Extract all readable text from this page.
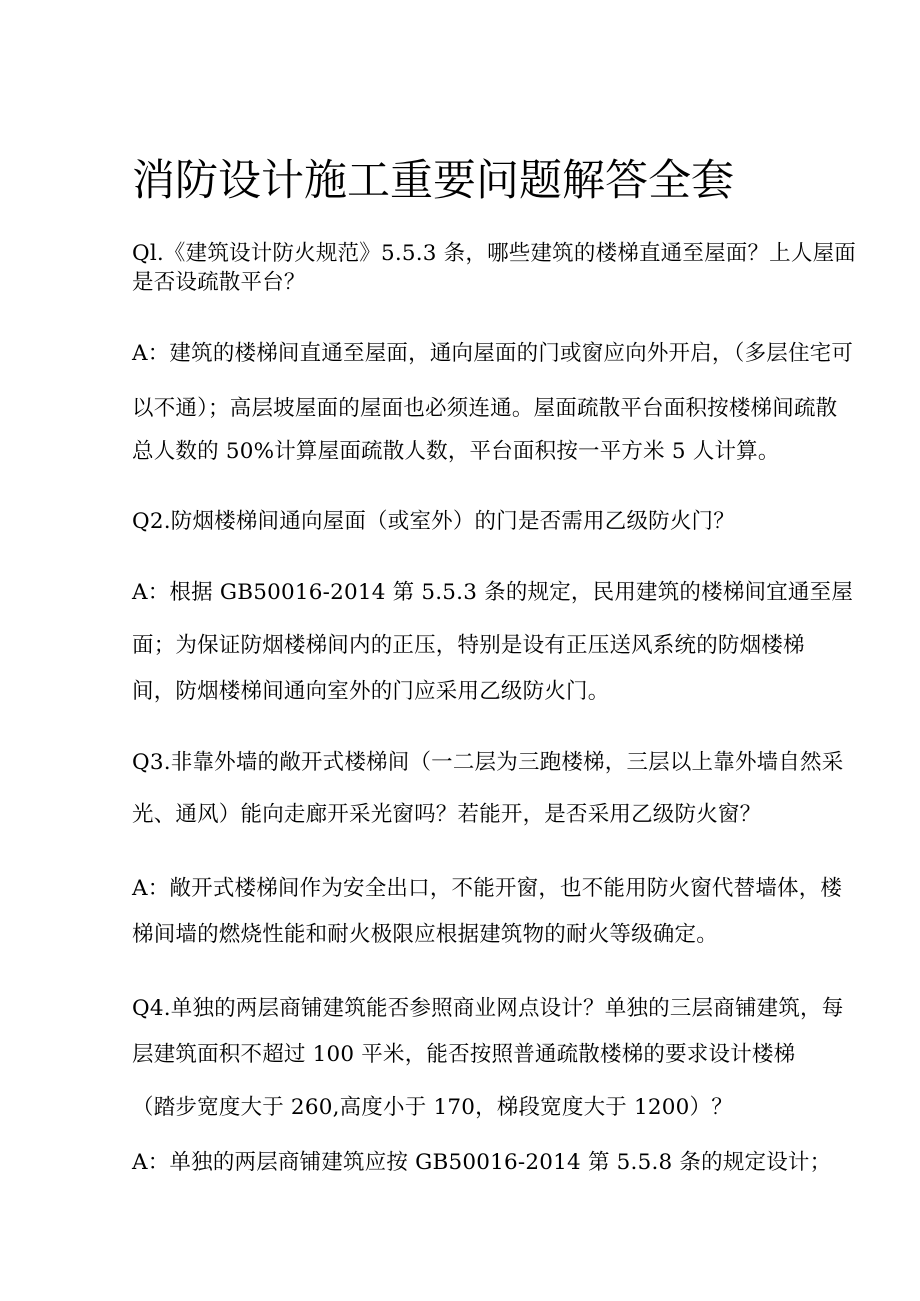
消防设计施工重要问题解答全套
Ql.《建筑设计防火规范》5.5.3 条，哪些建筑的楼梯直通至屋面？上人屋面
是否设疏散平台？
A：建筑的楼梯间直通至屋面，通向屋面的门或窗应向外开启，（多层住宅可
以不通）；高层坡屋面的屋面也必须连通。屋面疏散平台面积按楼梯间疏散
总人数的 50%计算屋面疏散人数，平台面积按一平方米 5 人计算。
Q2.防烟楼梯间通向屋面（或室外）的门是否需用乙级防火门？
A：根据 GB50016-2014 第 5.5.3 条的规定，民用建筑的楼梯间宜通至屋
面；为保证防烟楼梯间内的正压，特别是设有正压送风系统的防烟楼梯
间，防烟楼梯间通向室外的门应采用乙级防火门。
Q3.非靠外墙的敞开式楼梯间（一二层为三跑楼梯，三层以上靠外墙自然采
光、通风）能向走廊开采光窗吗？若能开，是否采用乙级防火窗？
A：敞开式楼梯间作为安全出口，不能开窗，也不能用防火窗代替墙体，楼
梯间墙的燃烧性能和耐火极限应根据建筑物的耐火等级确定。
Q4.单独的两层商铺建筑能否参照商业网点设计？单独的三层商铺建筑，每
层建筑面积不超过 100 平米，能否按照普通疏散楼梯的要求设计楼梯
（踏步宽度大于 260,高度小于 170，梯段宽度大于 1200）？
A：单独的两层商铺建筑应按 GB50016-2014 第 5.5.8 条的规定设计；
